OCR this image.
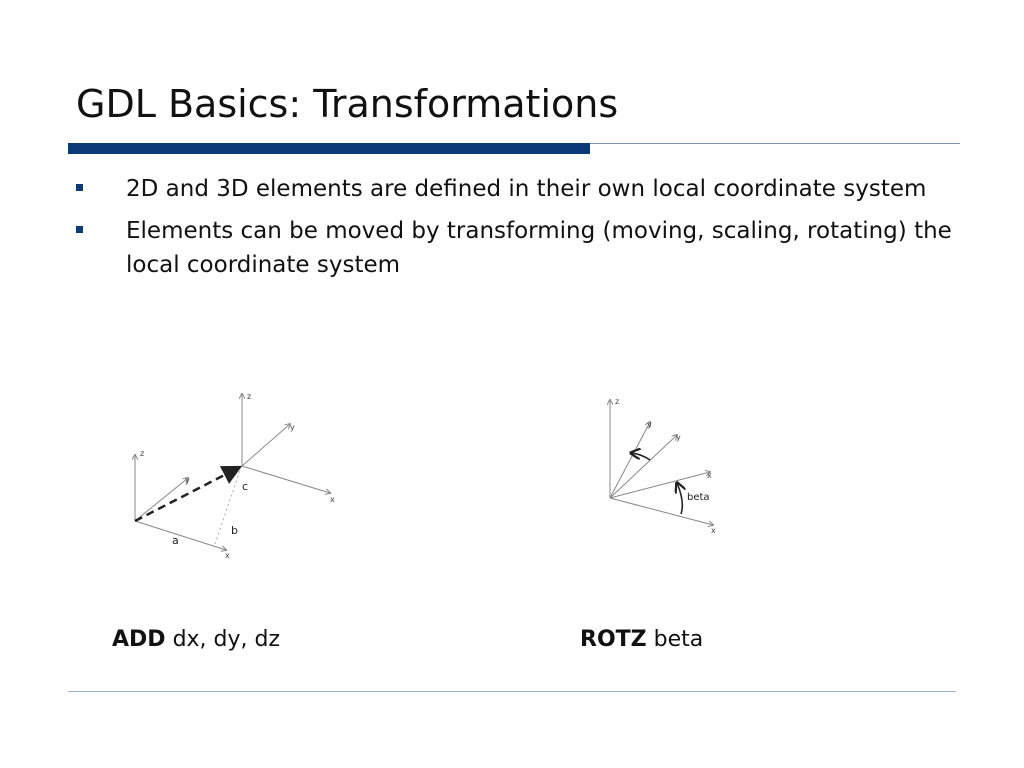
GDL Basics: Transformations
2D and 3D elements are defined in their own local coordinate system
Elements can be moved by transforming (moving, scaling, rotating) the local coordinate system
z
y
x
z
y
x
a
b
c
z
y
x
y
x
beta
ADD dx, dy, dz	ROTZ beta
